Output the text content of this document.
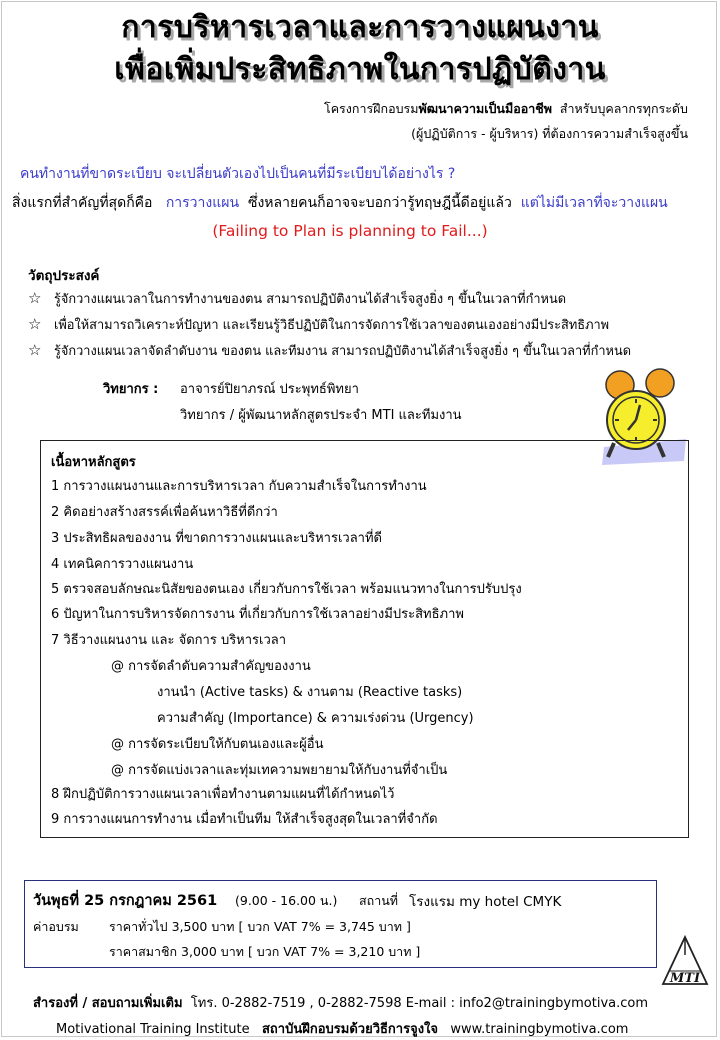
การบริหารเวลาและการวางแผนงาน
เพื่อเพิ่มประสิทธิภาพในการปฏิบัติงาน
โครงการฝึกอบรมพัฒนาความเป็นมืออาชีพ สำหรับบุคลากรทุกระดับ
(ผู้ปฏิบัติการ - ผู้บริหาร) ที่ต้องการความสำเร็จสูงขึ้น
คนทำงานที่ขาดระเบียบ จะเปลี่ยนตัวเองไปเป็นคนที่มีระเบียบได้อย่างไร ?
สิ่งแรกที่สำคัญที่สุดก็คือ การวางแผน ซึ่งหลายคนก็อาจจะบอกว่ารู้ทฤษฎีนี้ดีอยู่แล้ว แต่ไม่มีเวลาที่จะวางแผน
(Failing to Plan is planning to Fail...)
วัตถุประสงค์
☆ รู้จักวางแผนเวลาในการทำงานของตน สามารถปฏิบัติงานได้สำเร็จสูงยิ่ง ๆ ขึ้นในเวลาที่กำหนด
☆ เพื่อให้สามารถวิเคราะห์ปัญหา และเรียนรู้วิธีปฏิบัติในการจัดการใช้เวลาของตนเองอย่างมีประสิทธิภาพ
☆ รู้จักวางแผนเวลาจัดลำดับงาน ของตน และทีมงาน สามารถปฏิบัติงานได้สำเร็จสูงยิ่ง ๆ ขึ้นในเวลาที่กำหนด
วิทยากร : อาจารย์ปิยาภรณ์ ประพุทธ์พิทยา
วิทยากร / ผู้พัฒนาหลักสูตรประจำ MTI และทีมงาน
เนื้อหาหลักสูตร
1 การวางแผนงานและการบริหารเวลา กับความสำเร็จในการทำงาน
2 คิดอย่างสร้างสรรค์เพื่อค้นหาวิธีที่ดีกว่า
3 ประสิทธิผลของงาน ที่ขาดการวางแผนและบริหารเวลาที่ดี
4 เทคนิคการวางแผนงาน
5 ตรวจสอบลักษณะนิสัยของตนเอง เกี่ยวกับการใช้เวลา พร้อมแนวทางในการปรับปรุง
6 ปัญหาในการบริหารจัดการงาน ที่เกี่ยวกับการใช้เวลาอย่างมีประสิทธิภาพ
7 วิธีวางแผนงาน และ จัดการ บริหารเวลา
@ การจัดลำดับความสำคัญของงาน
งานนำ (Active tasks) & งานตาม (Reactive tasks)
ความสำคัญ (Importance) & ความเร่งด่วน (Urgency)
@ การจัดระเบียบให้กับตนเองและผู้อื่น
@ การจัดแบ่งเวลาและทุ่มเทความพยายามให้กับงานที่จำเป็น
8 ฝึกปฏิบัติการวางแผนเวลาเพื่อทำงานตามแผนที่ได้กำหนดไว้
9 การวางแผนการทำงาน เมื่อทำเป็นทีม ให้สำเร็จสูงสุดในเวลาที่จำกัด
วันพุธที่ 25 กรกฎาคม 2561 (9.00 - 16.00 น.) สถานที่ โรงแรม my hotel CMYK
ค่าอบรม ราคาทั่วไป 3,500 บาท [ บวก VAT 7% = 3,745 บาท ]
ราคาสมาชิก 3,000 บาท [ บวก VAT 7% = 3,210 บาท ]
MTI
สำรองที่ / สอบถามเพิ่มเติม โทร. 0-2882-7519 , 0-2882-7598 E-mail : info2@trainingbymotiva.com
Motivational Training Institute สถาบันฝึกอบรมด้วยวิธีการจูงใจ www.trainingbymotiva.com
